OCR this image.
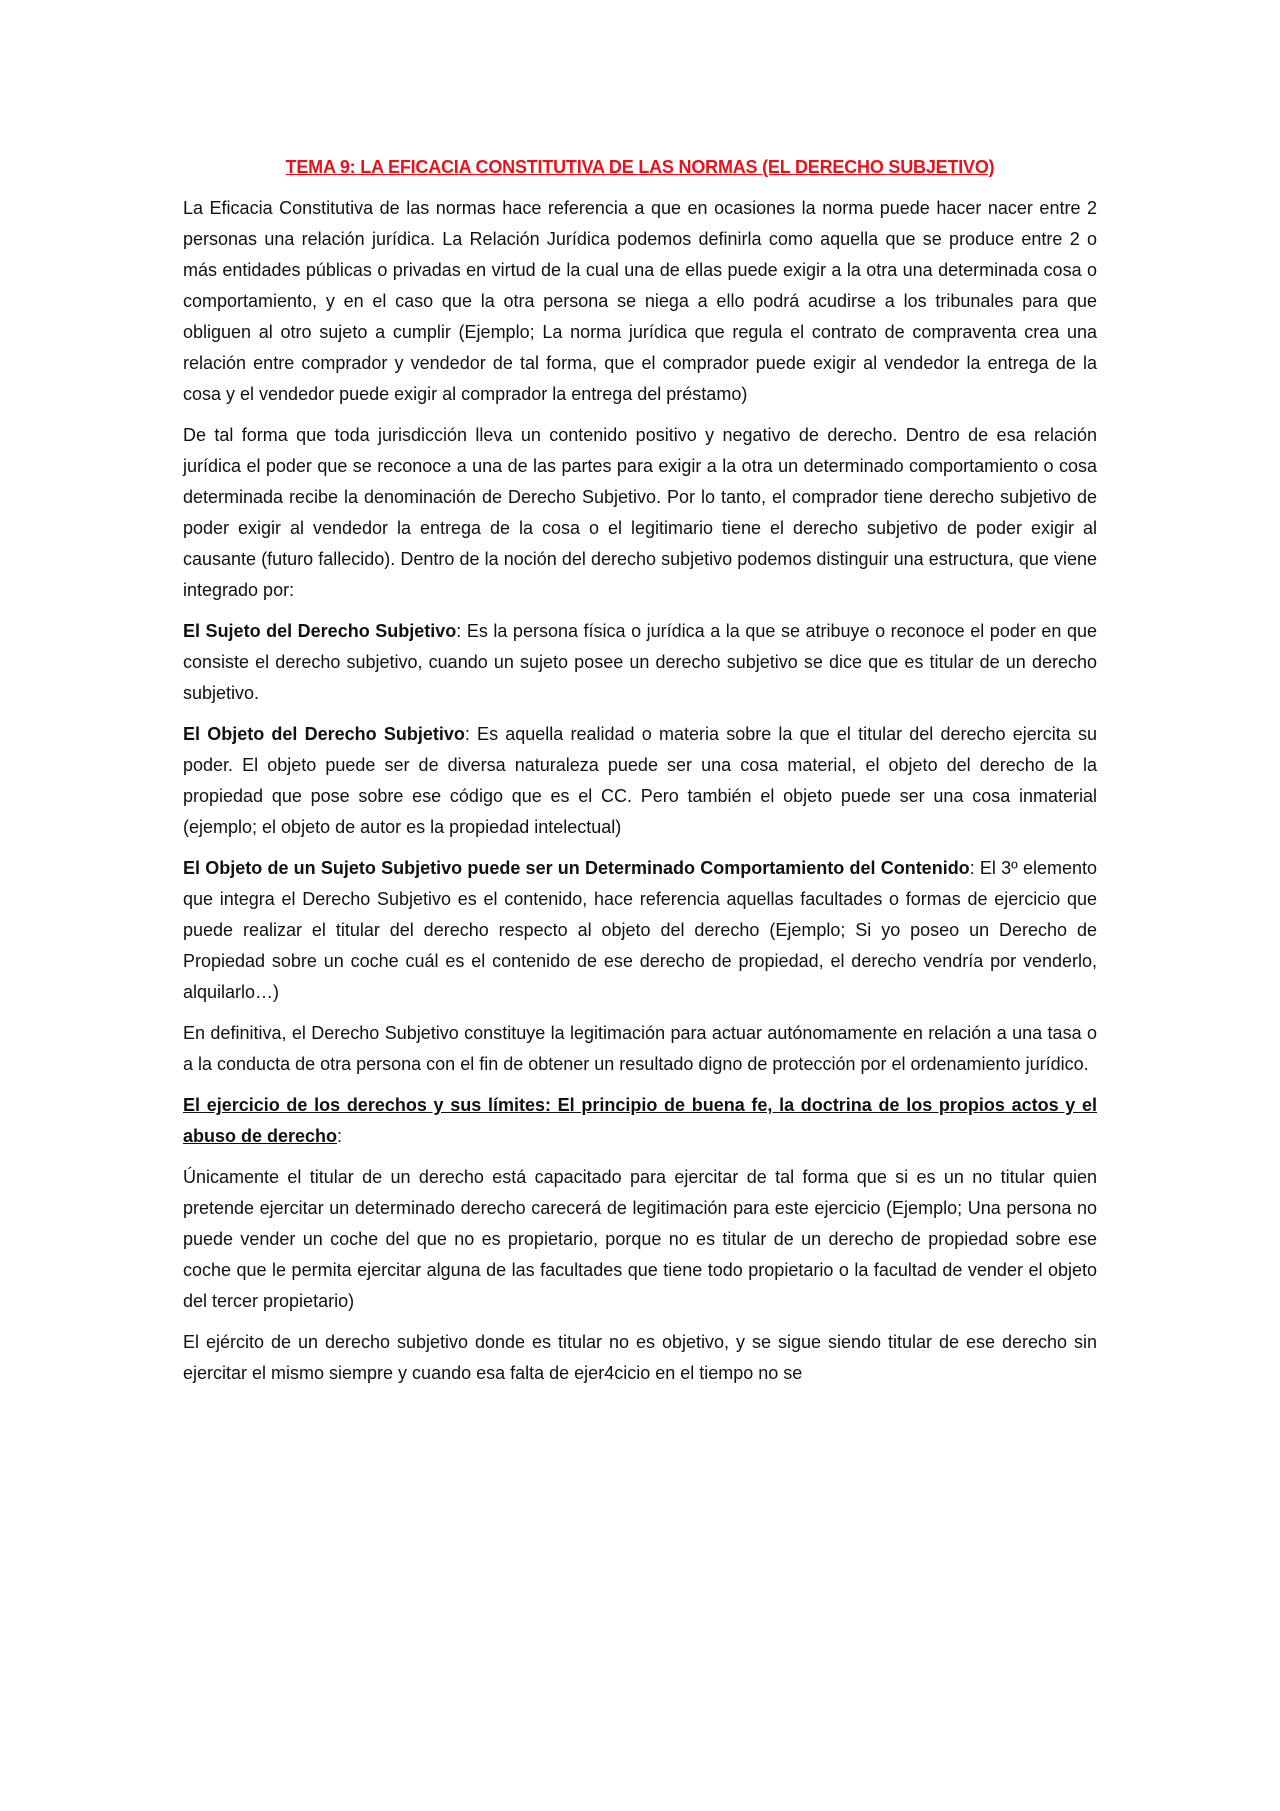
TEMA 9: LA EFICACIA CONSTITUTIVA DE LAS NORMAS (EL DERECHO SUBJETIVO)

La Eficacia Constitutiva de las normas hace referencia a que en ocasiones la norma puede hacer nacer entre 2 personas una relación jurídica. La Relación Jurídica podemos definirla como aquella que se produce entre 2 o más entidades públicas o privadas en virtud de la cual una de ellas puede exigir a la otra una determinada cosa o comportamiento, y en el caso que la otra persona se niega a ello podrá acudirse a los tribunales para que obliguen al otro sujeto a cumplir (Ejemplo; La norma jurídica que regula el contrato de compraventa crea una relación entre comprador y vendedor de tal forma, que el comprador puede exigir al vendedor la entrega de la cosa y el vendedor puede exigir al comprador la entrega del préstamo)

De tal forma que toda jurisdicción lleva un contenido positivo y negativo de derecho. Dentro de esa relación jurídica el poder que se reconoce a una de las partes para exigir a la otra un determinado comportamiento o cosa determinada recibe la denominación de Derecho Subjetivo. Por lo tanto, el comprador tiene derecho subjetivo de poder exigir al vendedor la entrega de la cosa o el legitimario tiene el derecho subjetivo de poder exigir al causante (futuro fallecido). Dentro de la noción del derecho subjetivo podemos distinguir una estructura, que viene integrado por:

El Sujeto del Derecho Subjetivo: Es la persona física o jurídica a la que se atribuye o reconoce el poder en que consiste el derecho subjetivo, cuando un sujeto posee un derecho subjetivo se dice que es titular de un derecho subjetivo.

El Objeto del Derecho Subjetivo: Es aquella realidad o materia sobre la que el titular del derecho ejercita su poder. El objeto puede ser de diversa naturaleza puede ser una cosa material, el objeto del derecho de la propiedad que pose sobre ese código que es el CC. Pero también el objeto puede ser una cosa inmaterial (ejemplo; el objeto de autor es la propiedad intelectual)

El Objeto de un Sujeto Subjetivo puede ser un Determinado Comportamiento del Contenido: El 3º elemento que integra el Derecho Subjetivo es el contenido, hace referencia aquellas facultades o formas de ejercicio que puede realizar el titular del derecho respecto al objeto del derecho (Ejemplo; Si yo poseo un Derecho de Propiedad sobre un coche cuál es el contenido de ese derecho de propiedad, el derecho vendría por venderlo, alquilarlo…)

En definitiva, el Derecho Subjetivo constituye la legitimación para actuar autónomamente en relación a una tasa o a la conducta de otra persona con el fin de obtener un resultado digno de protección por el ordenamiento jurídico.

El ejercicio de los derechos y sus límites: El principio de buena fe, la doctrina de los propios actos y el abuso de derecho:

Únicamente el titular de un derecho está capacitado para ejercitar de tal forma que si es un no titular quien pretende ejercitar un determinado derecho carecerá de legitimación para este ejercicio (Ejemplo; Una persona no puede vender un coche del que no es propietario, porque no es titular de un derecho de propiedad sobre ese coche que le permita ejercitar alguna de las facultades que tiene todo propietario o la facultad de vender el objeto del tercer propietario)

El ejército de un derecho subjetivo donde es titular no es objetivo, y se sigue siendo titular de ese derecho sin ejercitar el mismo siempre y cuando esa falta de ejer4cicio en el tiempo no se
